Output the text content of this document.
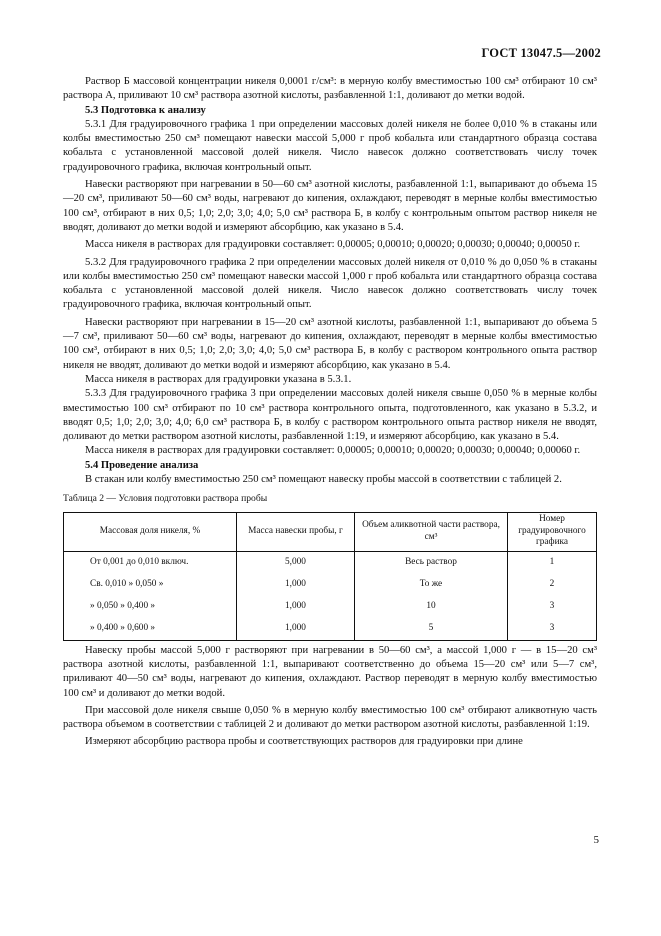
ГОСТ 13047.5—2002

Раствор Б массовой концентрации никеля 0,0001 г/см³: в мерную колбу вместимостью 100 см³ отбирают 10 см³ раствора А, приливают 10 см³ раствора азотной кислоты, разбавленной 1:1, доливают до метки водой.

5.3 Подготовка к анализу

5.3.1 Для градуировочного графика 1 при определении массовых долей никеля не более 0,010 % в стаканы или колбы вместимостью 250 см³ помещают навески массой 5,000 г проб кобальта или стандартного образца состава кобальта с установленной массовой долей никеля. Число навесок должно соответствовать числу точек градуировочного графика, включая контрольный опыт.

Навески растворяют при нагревании в 50—60 см³ азотной кислоты, разбавленной 1:1, выпаривают до объема 15—20 см³, приливают 50—60 см³ воды, нагревают до кипения, охлаждают, переводят в мерные колбы вместимостью 100 см³, отбирают в них 0,5; 1,0; 2,0; 3,0; 4,0; 5,0 см³ раствора Б, в колбу с контрольным опытом раствор никеля не вводят, доливают до метки водой и измеряют абсорбцию, как указано в 5.4.

Масса никеля в растворах для градуировки составляет: 0,00005; 0,00010; 0,00020; 0,00030; 0,00040; 0,00050 г.

5.3.2 Для градуировочного графика 2 при определении массовых долей никеля от 0,010 % до 0,050 % в стаканы или колбы вместимостью 250 см³ помещают навески массой 1,000 г проб кобальта или стандартного образца состава кобальта с установленной массовой долей никеля. Число навесок должно соответствовать числу точек градуировочного графика, включая контрольный опыт.

Навески растворяют при нагревании в 15—20 см³ азотной кислоты, разбавленной 1:1, выпаривают до объема 5—7 см³, приливают 50—60 см³ воды, нагревают до кипения, охлаждают, переводят в мерные колбы вместимостью 100 см³, отбирают в них 0,5; 1,0; 2,0; 3,0; 4,0; 5,0 см³ раствора Б, в колбу с раствором контрольного опыта раствор никеля не вводят, доливают до метки водой и измеряют абсорбцию, как указано в 5.4.

Масса никеля в растворах для градуировки указана в 5.3.1.

5.3.3 Для градуировочного графика 3 при определении массовых долей никеля свыше 0,050 % в мерные колбы вместимостью 100 см³ отбирают по 10 см³ раствора контрольного опыта, подготовленного, как указано в 5.3.2, и вводят 0,5; 1,0; 2,0; 3,0; 4,0; 6,0 см³ раствора Б, в колбу с раствором контрольного опыта раствор никеля не вводят, доливают до метки раствором азотной кислоты, разбавленной 1:19, и измеряют абсорбцию, как указано в 5.4.

Масса никеля в растворах для градуировки составляет: 0,00005; 0,00010; 0,00020; 0,00030; 0,00040; 0,00060 г.

5.4 Проведение анализа

В стакан или колбу вместимостью 250 см³ помещают навеску пробы массой в соответствии с таблицей 2.

Таблица 2 — Условия подготовки раствора пробы

Массовая доля никеля, %	Масса навески пробы, г	Объем аликвотной части раствора, см³	Номер градуировочного графика
От 0,001 до 0,010 включ.	5,000	Весь раствор	1
Св. 0,010 » 0,050 »	1,000	То же	2
» 0,050 » 0,400 »	1,000	10	3
» 0,400 » 0,600 »	1,000	5	3

Навеску пробы массой 5,000 г растворяют при нагревании в 50—60 см³, а массой 1,000 г — в 15—20 см³ раствора азотной кислоты, разбавленной 1:1, выпаривают соответственно до объема 15—20 см³ или 5—7 см³, приливают 40—50 см³ воды, нагревают до кипения, охлаждают. Раствор переводят в мерную колбу вместимостью 100 см³ и доливают до метки водой.

При массовой доле никеля свыше 0,050 % в мерную колбу вместимостью 100 см³ отбирают аликвотную часть раствора объемом в соответствии с таблицей 2 и доливают до метки раствором азотной кислоты, разбавленной 1:19.

Измеряют абсорбцию раствора пробы и соответствующих растворов для градуировки при длине

5
